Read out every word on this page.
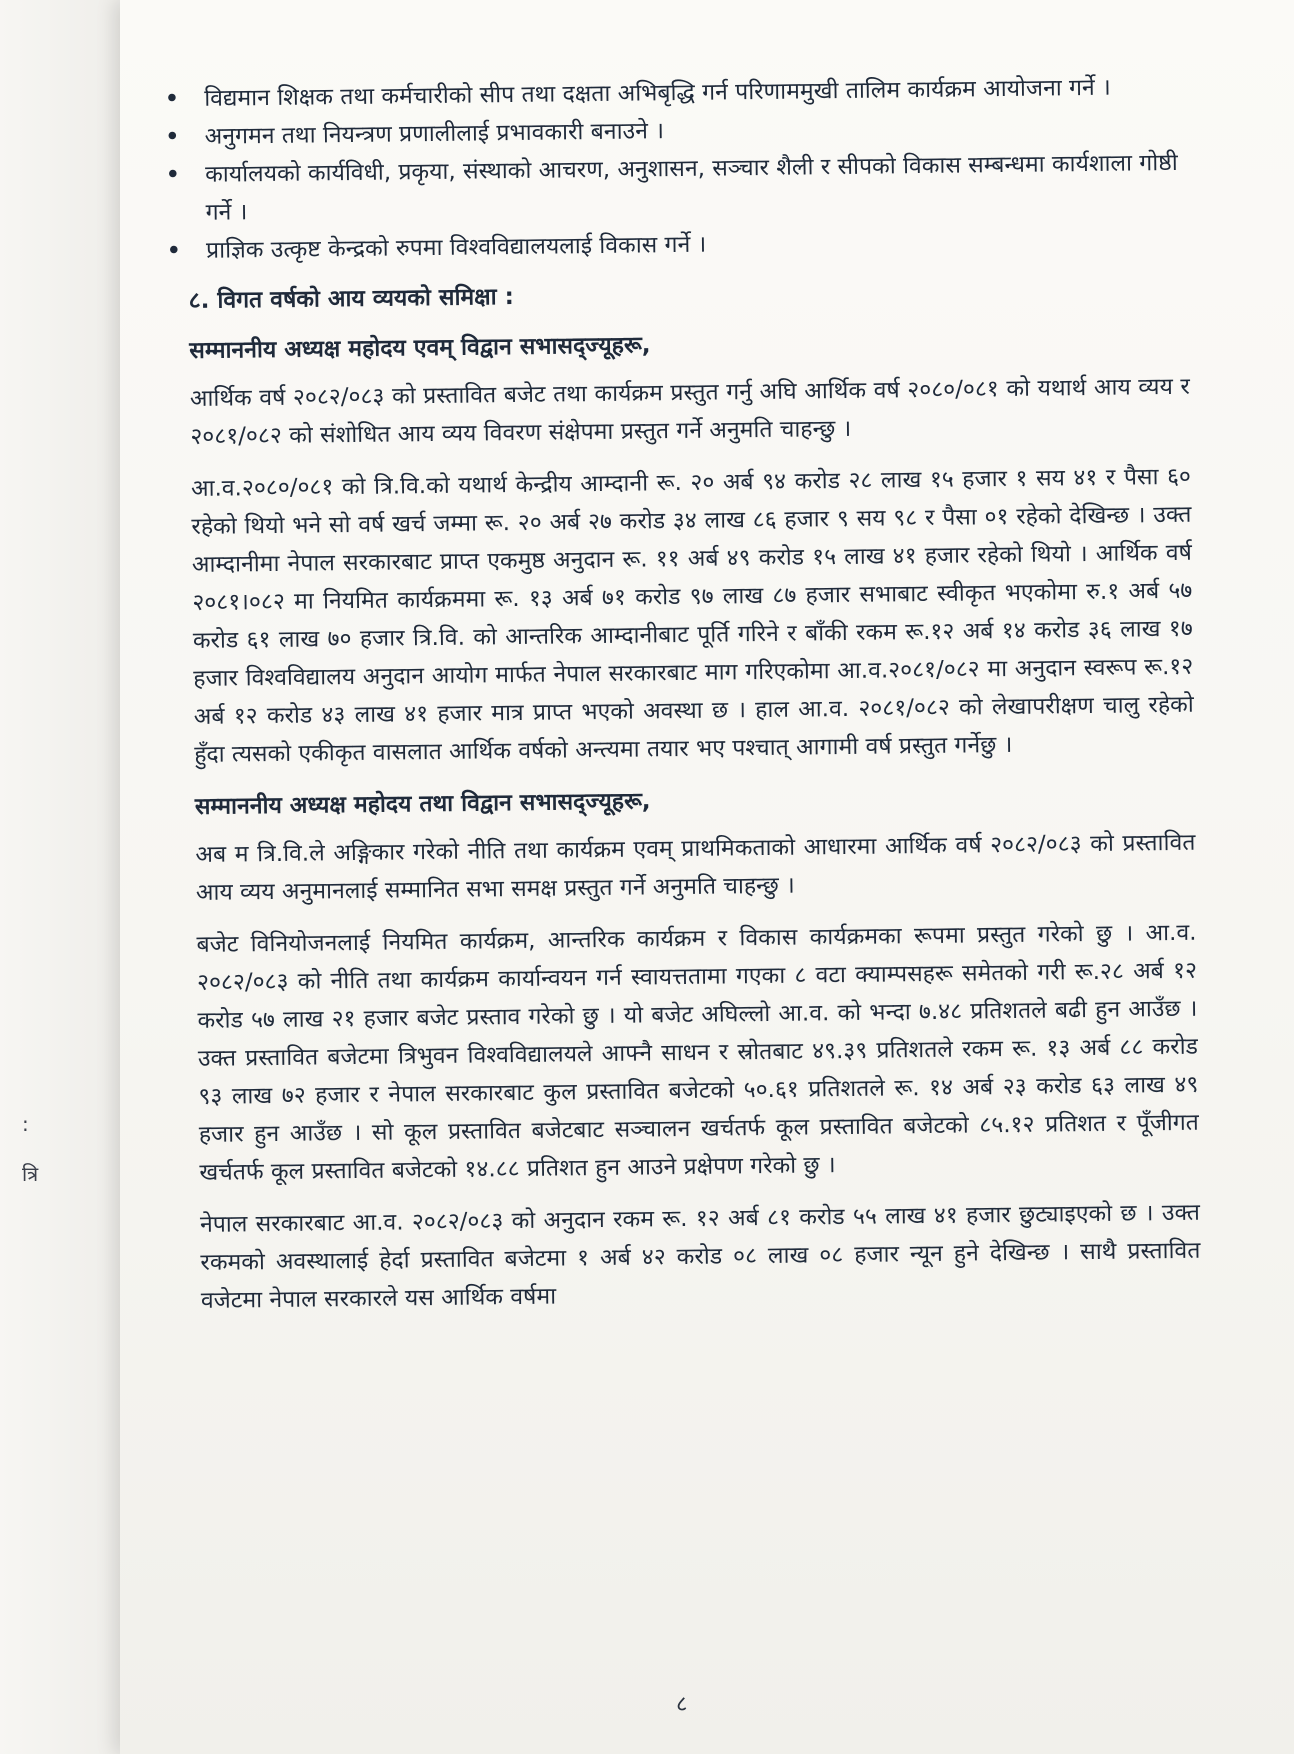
:
त्रि
• विद्यमान शिक्षक तथा कर्मचारीको सीप तथा दक्षता अभिबृद्धि गर्न परिणाममुखी तालिम कार्यक्रम आयोजना गर्ने ।
• अनुगमन तथा नियन्त्रण प्रणालीलाई प्रभावकारी बनाउने ।
• कार्यालयको कार्यविधी, प्रकृया, संस्थाको आचरण, अनुशासन, सञ्चार शैली र सीपको विकास सम्बन्धमा कार्यशाला गोष्ठी गर्ने ।
• प्राज्ञिक उत्कृष्ट केन्द्रको रुपमा विश्वविद्यालयलाई विकास गर्ने ।
८. विगत वर्षको आय व्ययको समिक्षा :
सम्माननीय अध्यक्ष महोदय एवम् विद्वान सभासद्ज्यूहरू,

आर्थिक वर्ष २०८२/०८३ को प्रस्तावित बजेट तथा कार्यक्रम प्रस्तुत गर्नु अघि आर्थिक वर्ष २०८०/०८१ को यथार्थ आय व्यय र २०८१/०८२ को संशोधित आय व्यय विवरण संक्षेपमा प्रस्तुत गर्ने अनुमति चाहन्छु ।

आ.व.२०८०/०८१ को त्रि.वि.को यथार्थ केन्द्रीय आम्दानी रू. २० अर्ब ९४ करोड २८ लाख १५ हजार १ सय ४१ र पैसा ६० रहेको थियो भने सो वर्ष खर्च जम्मा रू. २० अर्ब २७ करोड ३४ लाख ८६ हजार ९ सय ९८ र पैसा ०१ रहेको देखिन्छ । उक्त आम्दानीमा नेपाल सरकारबाट प्राप्त एकमुष्ठ अनुदान रू. ११ अर्ब ४९ करोड १५ लाख ४१ हजार रहेको थियो । आर्थिक वर्ष २०८१।०८२ मा नियमित कार्यक्रममा रू. १३ अर्ब ७१ करोड ९७ लाख ८७ हजार सभाबाट स्वीकृत भएकोमा रु.१ अर्ब ५७ करोड ६१ लाख ७० हजार त्रि.वि. को आन्तरिक आम्दानीबाट पूर्ति गरिने र बाँकी रकम रू.१२ अर्ब १४ करोड ३६ लाख १७ हजार विश्वविद्यालय अनुदान आयोग मार्फत नेपाल सरकारबाट माग गरिएकोमा आ.व.२०८१/०८२ मा अनुदान स्वरूप रू.१२ अर्ब १२ करोड ४३ लाख ४१ हजार मात्र प्राप्त भएको अवस्था छ । हाल आ.व. २०८१/०८२ को लेखापरीक्षण चालु रहेको हुँदा त्यसको एकीकृत वासलात आर्थिक वर्षको अन्त्यमा तयार भए पश्चात् आगामी वर्ष प्रस्तुत गर्नेछु ।

सम्माननीय अध्यक्ष महोदय तथा विद्वान सभासद्ज्यूहरू,

अब म त्रि.वि.ले अङ्गिकार गरेको नीति तथा कार्यक्रम एवम् प्राथमिकताको आधारमा आर्थिक वर्ष २०८२/०८३ को प्रस्तावित आय व्यय अनुमानलाई सम्मानित सभा समक्ष प्रस्तुत गर्ने अनुमति चाहन्छु ।

बजेट विनियोजनलाई नियमित कार्यक्रम, आन्तरिक कार्यक्रम र विकास कार्यक्रमका रूपमा प्रस्तुत गरेको छु । आ.व. २०८२/०८३ को नीति तथा कार्यक्रम कार्यान्वयन गर्न स्वायत्ततामा गएका ८ वटा क्याम्पसहरू समेतको गरी रू.२८ अर्ब १२ करोड ५७ लाख २१ हजार बजेट प्रस्ताव गरेको छु । यो बजेट अघिल्लो आ.व. को भन्दा ७.४८ प्रतिशतले बढी हुन आउँछ । उक्त प्रस्तावित बजेटमा त्रिभुवन विश्वविद्यालयले आफ्नै साधन र स्रोतबाट ४९.३९ प्रतिशतले रकम रू. १३ अर्ब ८८ करोड ९३ लाख ७२ हजार र नेपाल सरकारबाट कुल प्रस्तावित बजेटको ५०.६१ प्रतिशतले रू. १४ अर्ब २३ करोड ६३ लाख ४९ हजार हुन आउँछ । सो कूल प्रस्तावित बजेटबाट सञ्चालन खर्चतर्फ कूल प्रस्तावित बजेटको ८५.१२ प्रतिशत र पूँजीगत खर्चतर्फ कूल प्रस्तावित बजेटको १४.८८ प्रतिशत हुन आउने प्रक्षेपण गरेको छु ।

नेपाल सरकारबाट आ.व. २०८२/०८३ को अनुदान रकम रू. १२ अर्ब ८१ करोड ५५ लाख ४१ हजार छुट्याइएको छ । उक्त रकमको अवस्थालाई हेर्दा प्रस्तावित बजेटमा १ अर्ब ४२ करोड ०८ लाख ०८ हजार न्यून हुने देखिन्छ । साथै प्रस्तावित वजेटमा नेपाल सरकारले यस आर्थिक वर्षमा

८
